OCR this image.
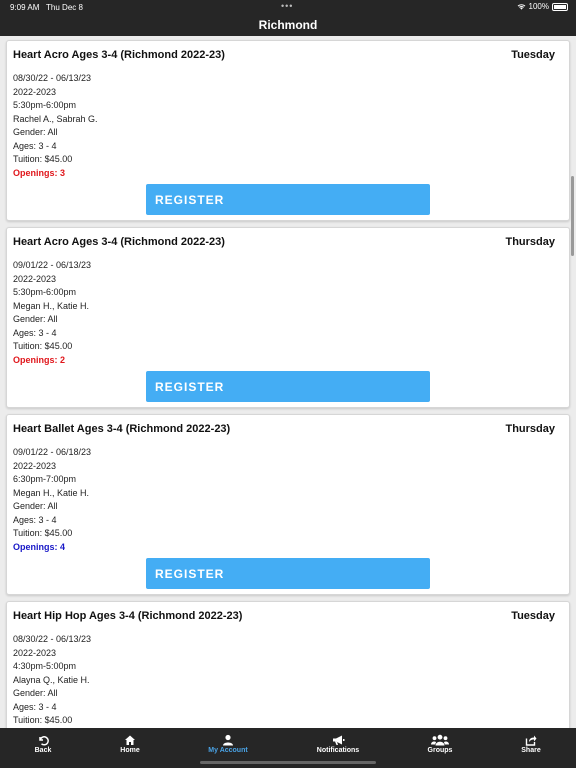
9:09 AM Thu Dec 8	•••	100%
Richmond
Heart Acro Ages 3-4 (Richmond 2022-23)	Tuesday
08/30/22 - 06/13/23
2022-2023
5:30pm-6:00pm
Rachel A., Sabrah G.
Gender: All
Ages: 3 - 4
Tuition: $45.00
Openings: 3
REGISTER
Heart Acro Ages 3-4 (Richmond 2022-23)	Thursday
09/01/22 - 06/13/23
2022-2023
5:30pm-6:00pm
Megan H., Katie H.
Gender: All
Ages: 3 - 4
Tuition: $45.00
Openings: 2
REGISTER
Heart Ballet Ages 3-4 (Richmond 2022-23)	Thursday
09/01/22 - 06/18/23
2022-2023
6:30pm-7:00pm
Megan H., Katie H.
Gender: All
Ages: 3 - 4
Tuition: $45.00
Openings: 4
REGISTER
Heart Hip Hop Ages 3-4 (Richmond 2022-23)	Tuesday
08/30/22 - 06/13/23
2022-2023
4:30pm-5:00pm
Alayna Q., Katie H.
Gender: All
Ages: 3 - 4
Tuition: $45.00
Back	Home	My Account	Notifications	Groups	Share
